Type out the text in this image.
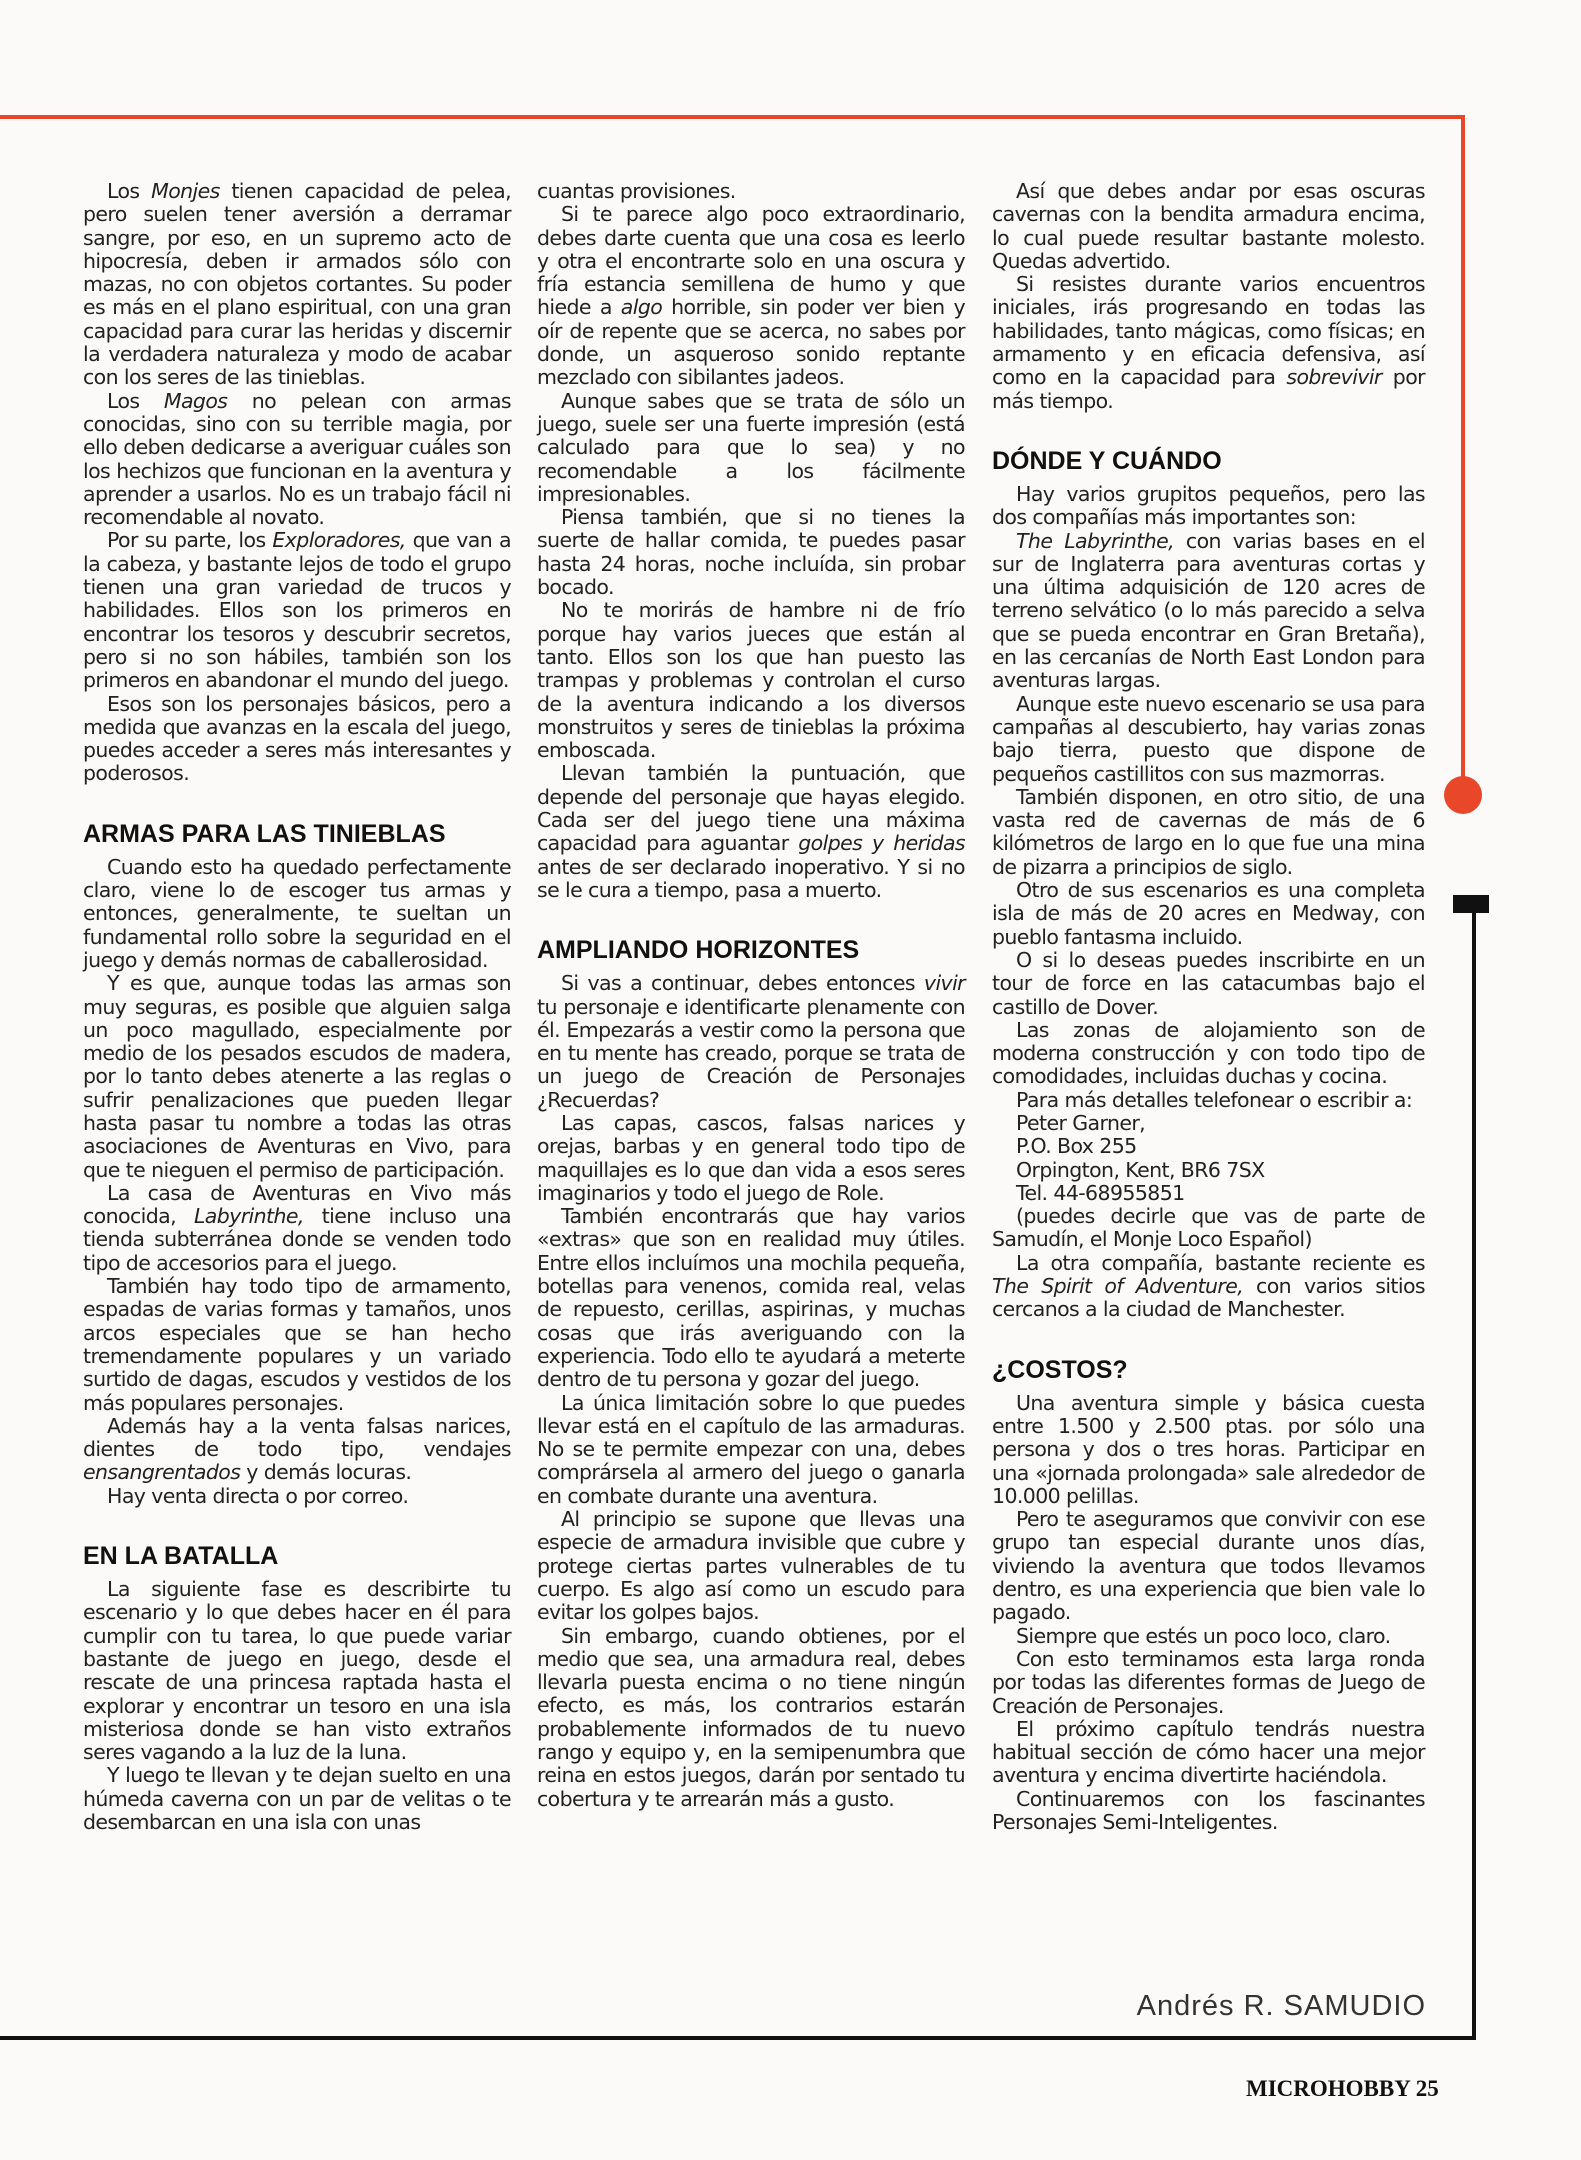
Los Monjes tienen capacidad de pelea, pero suelen tener aversión a derramar sangre, por eso, en un supremo acto de hipocresía, deben ir armados sólo con mazas, no con objetos cortantes. Su poder es más en el plano espiritual, con una gran capacidad para curar las heridas y discernir la verdadera naturaleza y modo de acabar con los seres de las tinieblas.

Los Magos no pelean con armas conocidas, sino con su terrible magia, por ello deben dedicarse a averiguar cuáles son los hechizos que funcionan en la aventura y aprender a usarlos. No es un trabajo fácil ni recomendable al novato.

Por su parte, los Exploradores, que van a la cabeza, y bastante lejos de todo el grupo tienen una gran variedad de trucos y habilidades. Ellos son los primeros en encontrar los tesoros y descubrir secretos, pero si no son hábiles, también son los primeros en abandonar el mundo del juego.

Esos son los personajes básicos, pero a medida que avanzas en la escala del juego, puedes acceder a seres más interesantes y poderosos.

ARMAS PARA LAS TINIEBLAS

Cuando esto ha quedado perfectamente claro, viene lo de escoger tus armas y entonces, generalmente, te sueltan un fundamental rollo sobre la seguridad en el juego y demás normas de caballerosidad.

Y es que, aunque todas las armas son muy seguras, es posible que alguien salga un poco magullado, especialmente por medio de los pesados escudos de madera, por lo tanto debes atenerte a las reglas o sufrir penalizaciones que pueden llegar hasta pasar tu nombre a todas las otras asociaciones de Aventuras en Vivo, para que te nieguen el permiso de participación.

La casa de Aventuras en Vivo más conocida, Labyrinthe, tiene incluso una tienda subterránea donde se venden todo tipo de accesorios para el juego.

También hay todo tipo de armamento, espadas de varias formas y tamaños, unos arcos especiales que se han hecho tremendamente populares y un variado surtido de dagas, escudos y vestidos de los más populares personajes.

Además hay a la venta falsas narices, dientes de todo tipo, vendajes ensangrentados y demás locuras.

Hay venta directa o por correo.

EN LA BATALLA

La siguiente fase es describirte tu escenario y lo que debes hacer en él para cumplir con tu tarea, lo que puede variar bastante de juego en juego, desde el rescate de una princesa raptada hasta el explorar y encontrar un tesoro en una isla misteriosa donde se han visto extraños seres vagando a la luz de la luna.

Y luego te llevan y te dejan suelto en una húmeda caverna con un par de velitas o te desembarcan en una isla con unas

cuantas provisiones.

Si te parece algo poco extraordinario, debes darte cuenta que una cosa es leerlo y otra el encontrarte solo en una oscura y fría estancia semillena de humo y que hiede a algo horrible, sin poder ver bien y oír de repente que se acerca, no sabes por donde, un asqueroso sonido reptante mezclado con sibilantes jadeos.

Aunque sabes que se trata de sólo un juego, suele ser una fuerte impresión (está calculado para que lo sea) y no recomendable a los fácilmente impresionables.

Piensa también, que si no tienes la suerte de hallar comida, te puedes pasar hasta 24 horas, noche incluída, sin probar bocado.

No te morirás de hambre ni de frío porque hay varios jueces que están al tanto. Ellos son los que han puesto las trampas y problemas y controlan el curso de la aventura indicando a los diversos monstruitos y seres de tinieblas la próxima emboscada.

Llevan también la puntuación, que depende del personaje que hayas elegido. Cada ser del juego tiene una máxima capacidad para aguantar golpes y heridas antes de ser declarado inoperativo. Y si no se le cura a tiempo, pasa a muerto.

AMPLIANDO HORIZONTES

Si vas a continuar, debes entonces vivir tu personaje e identificarte plenamente con él. Empezarás a vestir como la persona que en tu mente has creado, porque se trata de un juego de Creación de Personajes ¿Recuerdas?

Las capas, cascos, falsas narices y orejas, barbas y en general todo tipo de maquillajes es lo que dan vida a esos seres imaginarios y todo el juego de Role.

También encontrarás que hay varios «extras» que son en realidad muy útiles. Entre ellos incluímos una mochila pequeña, botellas para venenos, comida real, velas de repuesto, cerillas, aspirinas, y muchas cosas que irás averiguando con la experiencia. Todo ello te ayudará a meterte dentro de tu persona y gozar del juego.

La única limitación sobre lo que puedes llevar está en el capítulo de las armaduras. No se te permite empezar con una, debes comprársela al armero del juego o ganarla en combate durante una aventura.

Al principio se supone que llevas una especie de armadura invisible que cubre y protege ciertas partes vulnerables de tu cuerpo. Es algo así como un escudo para evitar los golpes bajos.

Sin embargo, cuando obtienes, por el medio que sea, una armadura real, debes llevarla puesta encima o no tiene ningún efecto, es más, los contrarios estarán probablemente informados de tu nuevo rango y equipo y, en la semipenumbra que reina en estos juegos, darán por sentado tu cobertura y te arrearán más a gusto.

Así que debes andar por esas oscuras cavernas con la bendita armadura encima, lo cual puede resultar bastante molesto. Quedas advertido.

Si resistes durante varios encuentros iniciales, irás progresando en todas las habilidades, tanto mágicas, como físicas; en armamento y en eficacia defensiva, así como en la capacidad para sobrevivir por más tiempo.

DÓNDE Y CUÁNDO

Hay varios grupitos pequeños, pero las dos compañías más importantes son:

The Labyrinthe, con varias bases en el sur de Inglaterra para aventuras cortas y una última adquisición de 120 acres de terreno selvático (o lo más parecido a selva que se pueda encontrar en Gran Bretaña), en las cercanías de North East London para aventuras largas.

Aunque este nuevo escenario se usa para campañas al descubierto, hay varias zonas bajo tierra, puesto que dispone de pequeños castillitos con sus mazmorras.

También disponen, en otro sitio, de una vasta red de cavernas de más de 6 kilómetros de largo en lo que fue una mina de pizarra a principios de siglo.

Otro de sus escenarios es una completa isla de más de 20 acres en Medway, con pueblo fantasma incluido.

O si lo deseas puedes inscribirte en un tour de force en las catacumbas bajo el castillo de Dover.

Las zonas de alojamiento son de moderna construcción y con todo tipo de comodidades, incluidas duchas y cocina.

Para más detalles telefonear o escribir a:

Peter Garner,

P.O. Box 255

Orpington, Kent, BR6 7SX

Tel. 44-68955851

(puedes decirle que vas de parte de Samudín, el Monje Loco Español)

La otra compañía, bastante reciente es The Spirit of Adventure, con varios sitios cercanos a la ciudad de Manchester.

¿COSTOS?

Una aventura simple y básica cuesta entre 1.500 y 2.500 ptas. por sólo una persona y dos o tres horas. Participar en una «jornada prolongada» sale alrededor de 10.000 pelillas.

Pero te aseguramos que convivir con ese grupo tan especial durante unos días, viviendo la aventura que todos llevamos dentro, es una experiencia que bien vale lo pagado.

Siempre que estés un poco loco, claro.

Con esto terminamos esta larga ronda por todas las diferentes formas de Juego de Creación de Personajes.

El próximo capítulo tendrás nuestra habitual sección de cómo hacer una mejor aventura y encima divertirte haciéndola.

Continuaremos con los fascinantes Personajes Semi-Inteligentes.

Andrés R. SAMUDIO
MICROHOBBY 25
